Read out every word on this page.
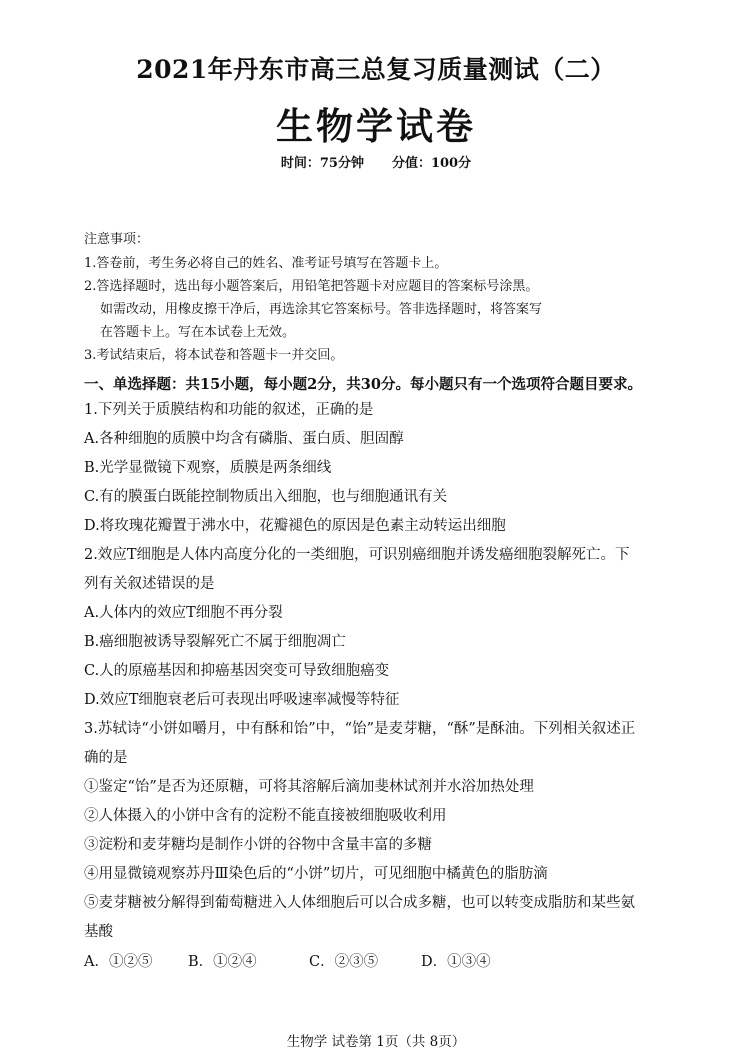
2021年丹东市高三总复习质量测试（二）
生物学试卷
时间：75分钟 分值：100分
注意事项：
1.答卷前，考生务必将自己的姓名、准考证号填写在答题卡上。
2.答选择题时，选出每小题答案后，用铅笔把答题卡对应题目的答案标号涂黑。
如需改动，用橡皮擦干净后，再选涂其它答案标号。答非选择题时，将答案写
在答题卡上。写在本试卷上无效。
3.考试结束后，将本试卷和答题卡一并交回。
一、单选择题：共15小题，每小题2分，共30分。每小题只有一个选项符合题目要求。
1.下列关于质膜结构和功能的叙述，正确的是
A.各种细胞的质膜中均含有磷脂、蛋白质、胆固醇
B.光学显微镜下观察，质膜是两条细线
C.有的膜蛋白既能控制物质出入细胞，也与细胞通讯有关
D.将玫瑰花瓣置于沸水中，花瓣褪色的原因是色素主动转运出细胞
2.效应T细胞是人体内高度分化的一类细胞，可识别癌细胞并诱发癌细胞裂解死亡。下
列有关叙述错误的是
A.人体内的效应T细胞不再分裂
B.癌细胞被诱导裂解死亡不属于细胞凋亡
C.人的原癌基因和抑癌基因突变可导致细胞癌变
D.效应T细胞衰老后可表现出呼吸速率减慢等特征
3.苏轼诗“小饼如嚼月，中有酥和饴”中，“饴”是麦芽糖，“酥”是酥油。下列相关叙述正
确的是
①鉴定“饴”是否为还原糖，可将其溶解后滴加斐林试剂并水浴加热处理
②人体摄入的小饼中含有的淀粉不能直接被细胞吸收利用
③淀粉和麦芽糖均是制作小饼的谷物中含量丰富的多糖
④用显微镜观察苏丹Ⅲ染色后的“小饼”切片，可见细胞中橘黄色的脂肪滴
⑤麦芽糖被分解得到葡萄糖进入人体细胞后可以合成多糖，也可以转变成脂肪和某些氨
基酸
A．①②⑤ B．①②④	C．②③⑤	D．①③④
生物学 试卷第 1页（共 8页）
